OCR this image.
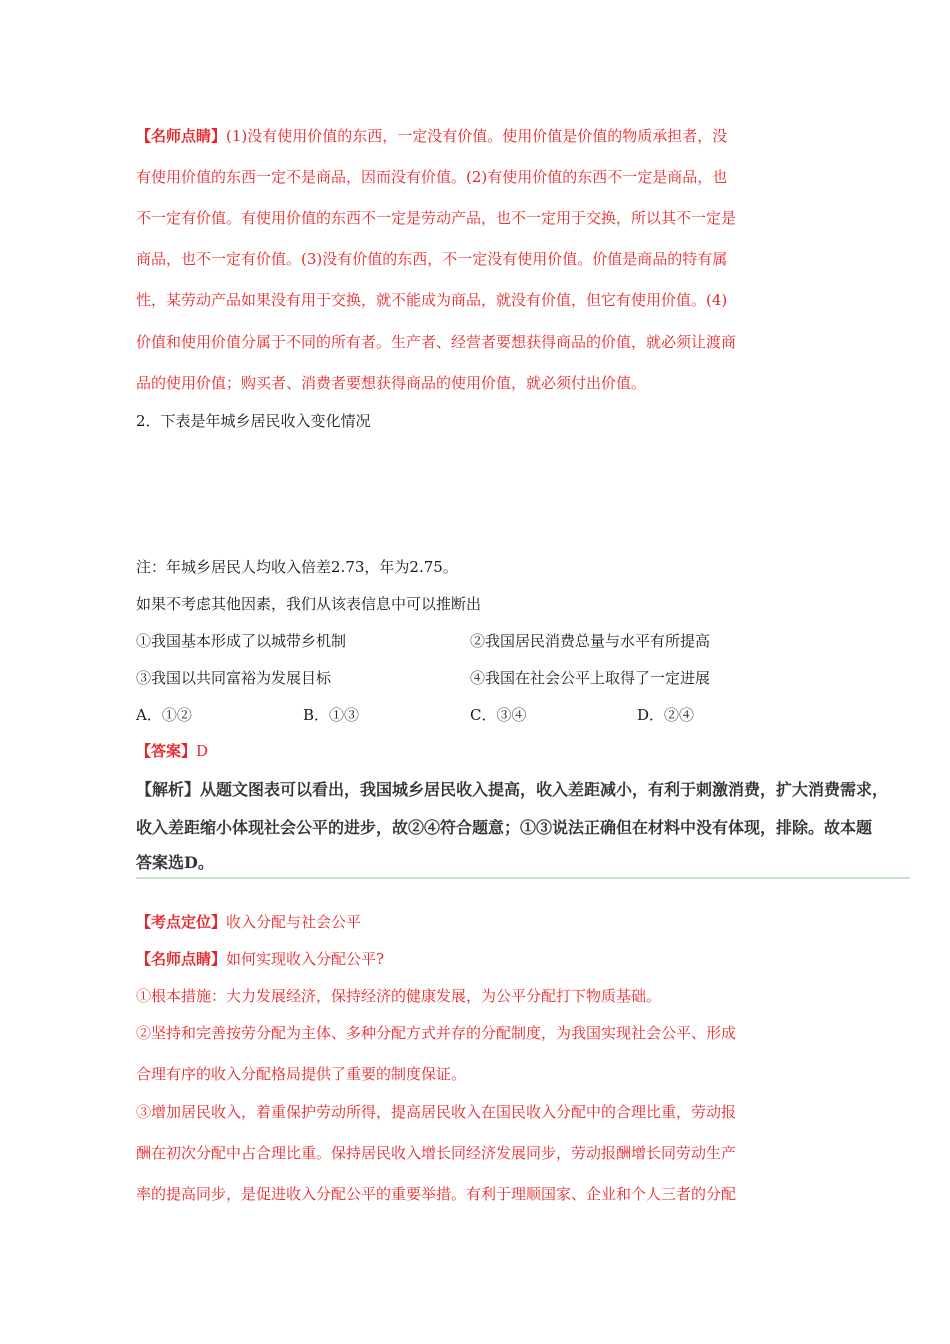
【名师点睛】(1)没有使用价值的东西，一定没有价值。使用价值是价值的物质承担者，没
有使用价值的东西一定不是商品，因而没有价值。(2)有使用价值的东西不一定是商品，也
不一定有价值。有使用价值的东西不一定是劳动产品，也不一定用于交换，所以其不一定是
商品，也不一定有价值。(3)没有价值的东西，不一定没有使用价值。价值是商品的特有属
性，某劳动产品如果没有用于交换，就不能成为商品，就没有价值，但它有使用价值。(4)
价值和使用价值分属于不同的所有者。生产者、经营者要想获得商品的价值，就必须让渡商
品的使用价值；购买者、消费者要想获得商品的使用价值，就必须付出价值。
2．下表是年城乡居民收入变化情况
注：年城乡居民人均收入倍差2.73，年为2.75。
如果不考虑其他因素，我们从该表信息中可以推断出
①我国基本形成了以城带乡机制	②我国居民消费总量与水平有所提高
③我国以共同富裕为发展目标	④我国在社会公平上取得了一定进展
A．①②	B．①③	C．③④	D．②④
【答案】D
【解析】从题文图表可以看出，我国城乡居民收入提高，收入差距减小，有利于刺激消费，扩大消费需求，
收入差距缩小体现社会公平的进步，故②④符合题意；①③说法正确但在材料中没有体现，排除。故本题
答案选D。
【考点定位】收入分配与社会公平
【名师点睛】如何实现收入分配公平?
①根本措施：大力发展经济，保持经济的健康发展，为公平分配打下物质基础。
②坚持和完善按劳分配为主体、多种分配方式并存的分配制度，为我国实现社会公平、形成
合理有序的收入分配格局提供了重要的制度保证。
③增加居民收入，着重保护劳动所得，提高居民收入在国民收入分配中的合理比重，劳动报
酬在初次分配中占合理比重。保持居民收入增长同经济发展同步，劳动报酬增长同劳动生产
率的提高同步，是促进收入分配公平的重要举措。有利于理顺国家、企业和个人三者的分配
